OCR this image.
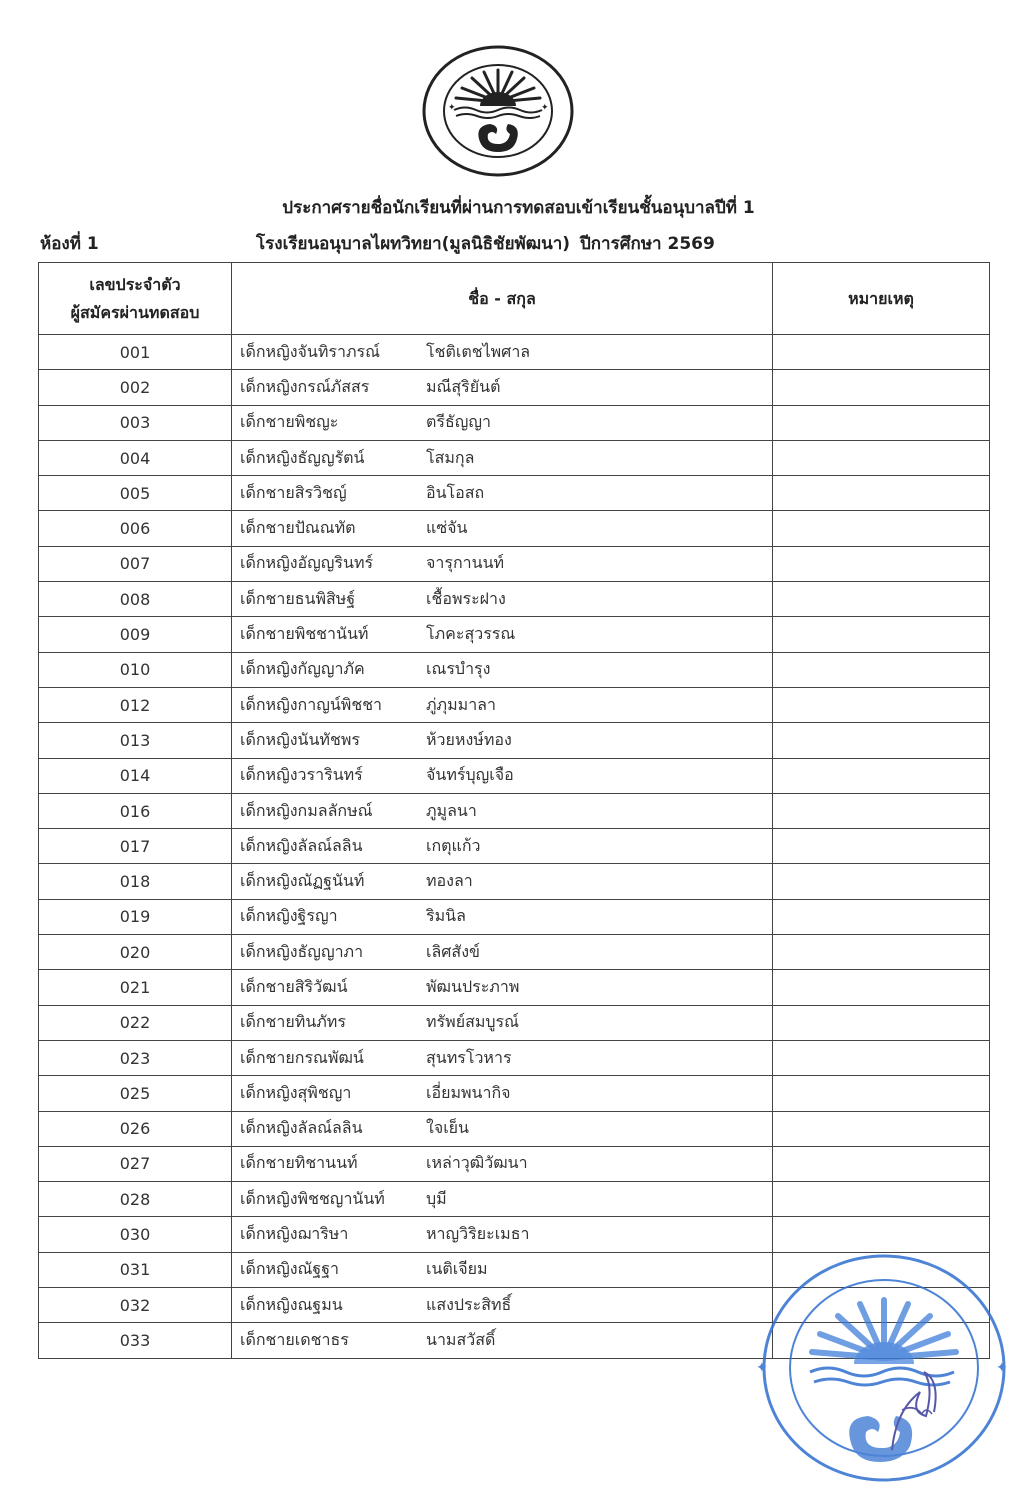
✦	✦
ประกาศรายชื่อนักเรียนที่ผ่านการทดสอบเข้าเรียนชั้นอนุบาลปีที่ 1
ห้องที่ 1	โรงเรียนอนุบาลไผทวิทยา(มูลนิธิชัยพัฒนา) ปีการศึกษา 2569
เลขประจำตัว
ผู้สมัครผ่านทดสอบ	ชื่อ - สกุล	หมายเหตุ
001	เด็กหญิงจันทิราภรณ์ โชติเตชไพศาล	
002	เด็กหญิงกรณ์ภัสสร มณีสุริยันต์	
003	เด็กชายพิชญะ ตรีธัญญา	
004	เด็กหญิงธัญญรัตน์ โสมกุล	
005	เด็กชายสิรวิชญ์ อินโอสถ	
006	เด็กชายปัณณทัต แซ่จัน	
007	เด็กหญิงอัญญรินทร์ จารุกานนท์	
008	เด็กชายธนพิสิษฐ์ เชื้อพระฝาง	
009	เด็กชายพิชชานันท์ โภคะสุวรรณ	
010	เด็กหญิงกัญญาภัค เณรบำรุง	
012	เด็กหญิงกาญน์พิชชา ภู่ภุมมาลา	
013	เด็กหญิงนันทัชพร ห้วยหงษ์ทอง	
014	เด็กหญิงวรารินทร์ จันทร์บุญเจือ	
016	เด็กหญิงกมลลักษณ์ ภูมูลนา	
017	เด็กหญิงลัลณ์ลลิน เกตุแก้ว	
018	เด็กหญิงณัฏฐนันท์ ทองลา	
019	เด็กหญิงฐิรญา ริมนิล	
020	เด็กหญิงธัญญาภา เลิศสังข์	
021	เด็กชายสิริวัฒน์ พัฒนประภาพ	
022	เด็กชายทินภัทร ทรัพย์สมบูรณ์	
023	เด็กชายกรณพัฒน์ สุนทรโวหาร	
025	เด็กหญิงสุพิชญา เอี่ยมพนากิจ	
026	เด็กหญิงลัลณ์ลลิน ใจเย็น	
027	เด็กชายทิชานนท์ เหล่าวุฒิวัฒนา	
028	เด็กหญิงพิชชญานันท์ บุมี	
030	เด็กหญิงฌาริษา หาญวิริยะเมธา	
031	เด็กหญิงณัฐฐา เนติเจียม	
032	เด็กหญิงณฐมน แสงประสิทธิ์	
033	เด็กชายเดชาธร นามสวัสดิ์	
✦	✦
